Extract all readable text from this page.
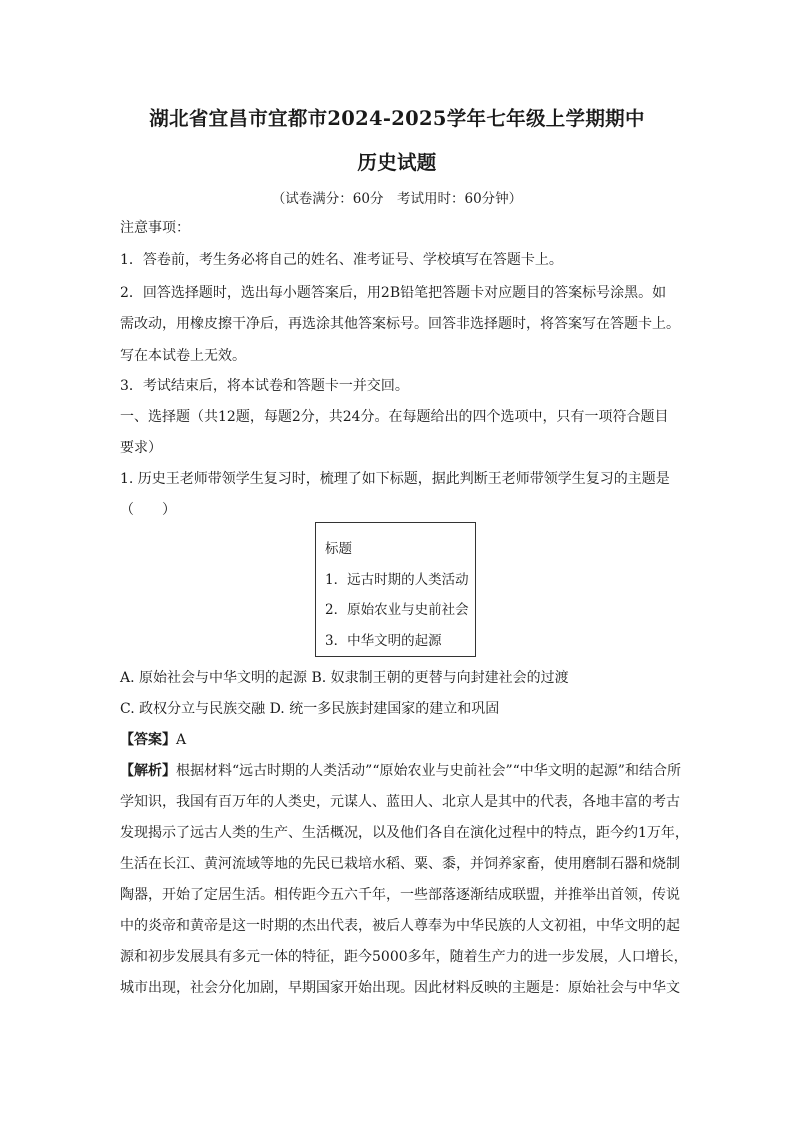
湖北省宜昌市宜都市2024-2025学年七年级上学期期中
历史试题
（试卷满分：60分　考试用时：60分钟）
注意事项：
1．答卷前，考生务必将自己的姓名、准考证号、学校填写在答题卡上。
2．回答选择题时，选出每小题答案后，用2B铅笔把答题卡对应题目的答案标号涂黑。如
需改动，用橡皮擦干净后，再选涂其他答案标号。回答非选择题时，将答案写在答题卡上。
写在本试卷上无效。
3．考试结束后，将本试卷和答题卡一并交回。
一、选择题（共12题，每题2分，共24分。在每题给出的四个选项中，只有一项符合题目
要求）
1. 历史王老师带领学生复习时，梳理了如下标题，据此判断王老师带领学生复习的主题是
（　　）
标题
1．远古时期的人类活动
2．原始农业与史前社会
3．中华文明的起源
A. 原始社会与中华文明的起源 B. 奴隶制王朝的更替与向封建社会的过渡
C. 政权分立与民族交融 D. 统一多民族封建国家的建立和巩固
【答案】A
【解析】根据材料“远古时期的人类活动”“原始农业与史前社会”“中华文明的起源”和结合所
学知识，我国有百万年的人类史，元谋人、蓝田人、北京人是其中的代表，各地丰富的考古
发现揭示了远古人类的生产、生活概况，以及他们各自在演化过程中的特点，距今约1万年，
生活在长江、黄河流域等地的先民已栽培水稻、粟、黍，并饲养家畜，使用磨制石器和烧制
陶器，开始了定居生活。相传距今五六千年，一些部落逐渐结成联盟，并推举出首领，传说
中的炎帝和黄帝是这一时期的杰出代表，被后人尊奉为中华民族的人文初祖，中华文明的起
源和初步发展具有多元一体的特征，距今5000多年，随着生产力的进一步发展，人口增长，
城市出现，社会分化加剧，早期国家开始出现。因此材料反映的主题是：原始社会与中华文
